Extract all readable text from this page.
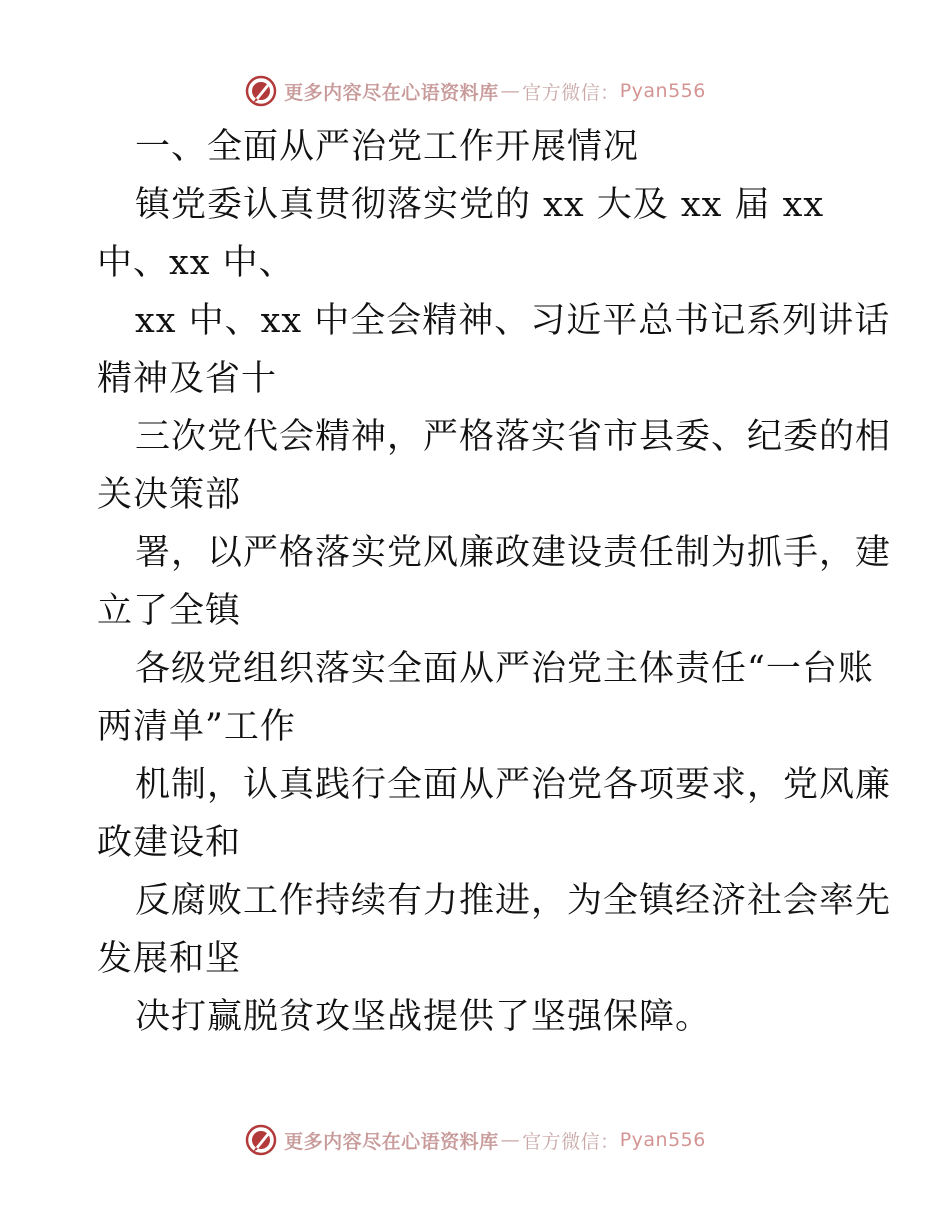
更多内容尽在心语资料库 — 官方微信： Pyan556
一、全面从严治党工作开展情况
镇党委认真贯彻落实党的 xx 大及 xx 届 xx
中、xx 中、
xx 中、xx 中全会精神、习近平总书记系列讲话
精神及省十
三次党代会精神，严格落实省市县委、纪委的相
关决策部
署，以严格落实党风廉政建设责任制为抓手，建
立了全镇
各级党组织落实全面从严治党主体责任“一台账
两清单”工作
机制，认真践行全面从严治党各项要求，党风廉
政建设和
反腐败工作持续有力推进，为全镇经济社会率先
发展和坚
决打赢脱贫攻坚战提供了坚强保障。
更多内容尽在心语资料库 — 官方微信： Pyan556
